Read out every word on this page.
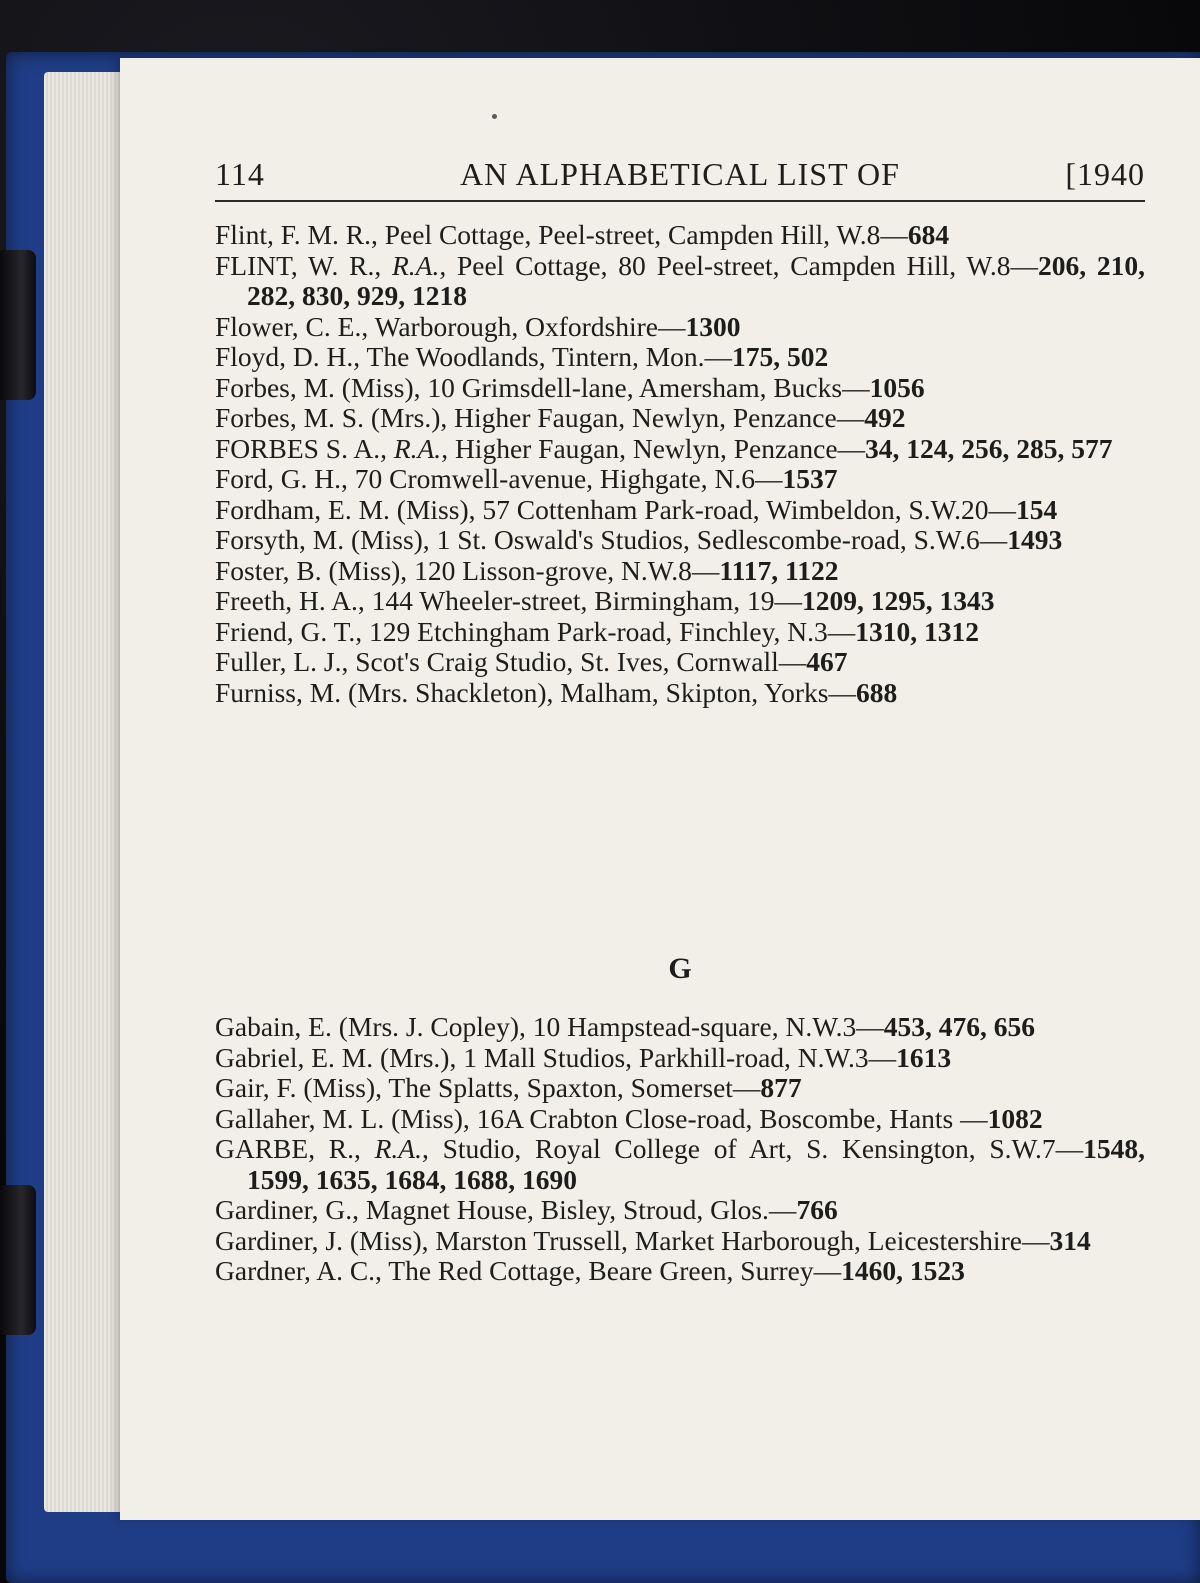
114	AN ALPHABETICAL LIST OF	[1940
Flint, F. M. R., Peel Cottage, Peel-street, Campden Hill, W.8—684
FLINT, W. R., R.A., Peel Cottage, 80 Peel-street, Campden Hill, W.8—206, 210, 282, 830, 929, 1218
Flower, C. E., Warborough, Oxfordshire—1300
Floyd, D. H., The Woodlands, Tintern, Mon.—175, 502
Forbes, M. (Miss), 10 Grimsdell-lane, Amersham, Bucks—1056
Forbes, M. S. (Mrs.), Higher Faugan, Newlyn, Penzance—492
FORBES S. A., R.A., Higher Faugan, Newlyn, Penzance—34, 124, 256, 285, 577
Ford, G. H., 70 Cromwell-avenue, Highgate, N.6—1537
Fordham, E. M. (Miss), 57 Cottenham Park-road, Wimbeldon, S.W.20—154
Forsyth, M. (Miss), 1 St. Oswald's Studios, Sedlescombe-road, S.W.6—1493
Foster, B. (Miss), 120 Lisson-grove, N.W.8—1117, 1122
Freeth, H. A., 144 Wheeler-street, Birmingham, 19—1209, 1295, 1343
Friend, G. T., 129 Etchingham Park-road, Finchley, N.3—1310, 1312
Fuller, L. J., Scot's Craig Studio, St. Ives, Cornwall—467
Furniss, M. (Mrs. Shackleton), Malham, Skipton, Yorks—688
G
Gabain, E. (Mrs. J. Copley), 10 Hampstead-square, N.W.3—453, 476, 656
Gabriel, E. M. (Mrs.), 1 Mall Studios, Parkhill-road, N.W.3—1613
Gair, F. (Miss), The Splatts, Spaxton, Somerset—877
Gallaher, M. L. (Miss), 16A Crabton Close-road, Boscombe, Hants —1082
GARBE, R., R.A., Studio, Royal College of Art, S. Kensington, S.W.7—1548, 1599, 1635, 1684, 1688, 1690
Gardiner, G., Magnet House, Bisley, Stroud, Glos.—766
Gardiner, J. (Miss), Marston Trussell, Market Harborough, Leicestershire—314
Gardner, A. C., The Red Cottage, Beare Green, Surrey—1460, 1523
